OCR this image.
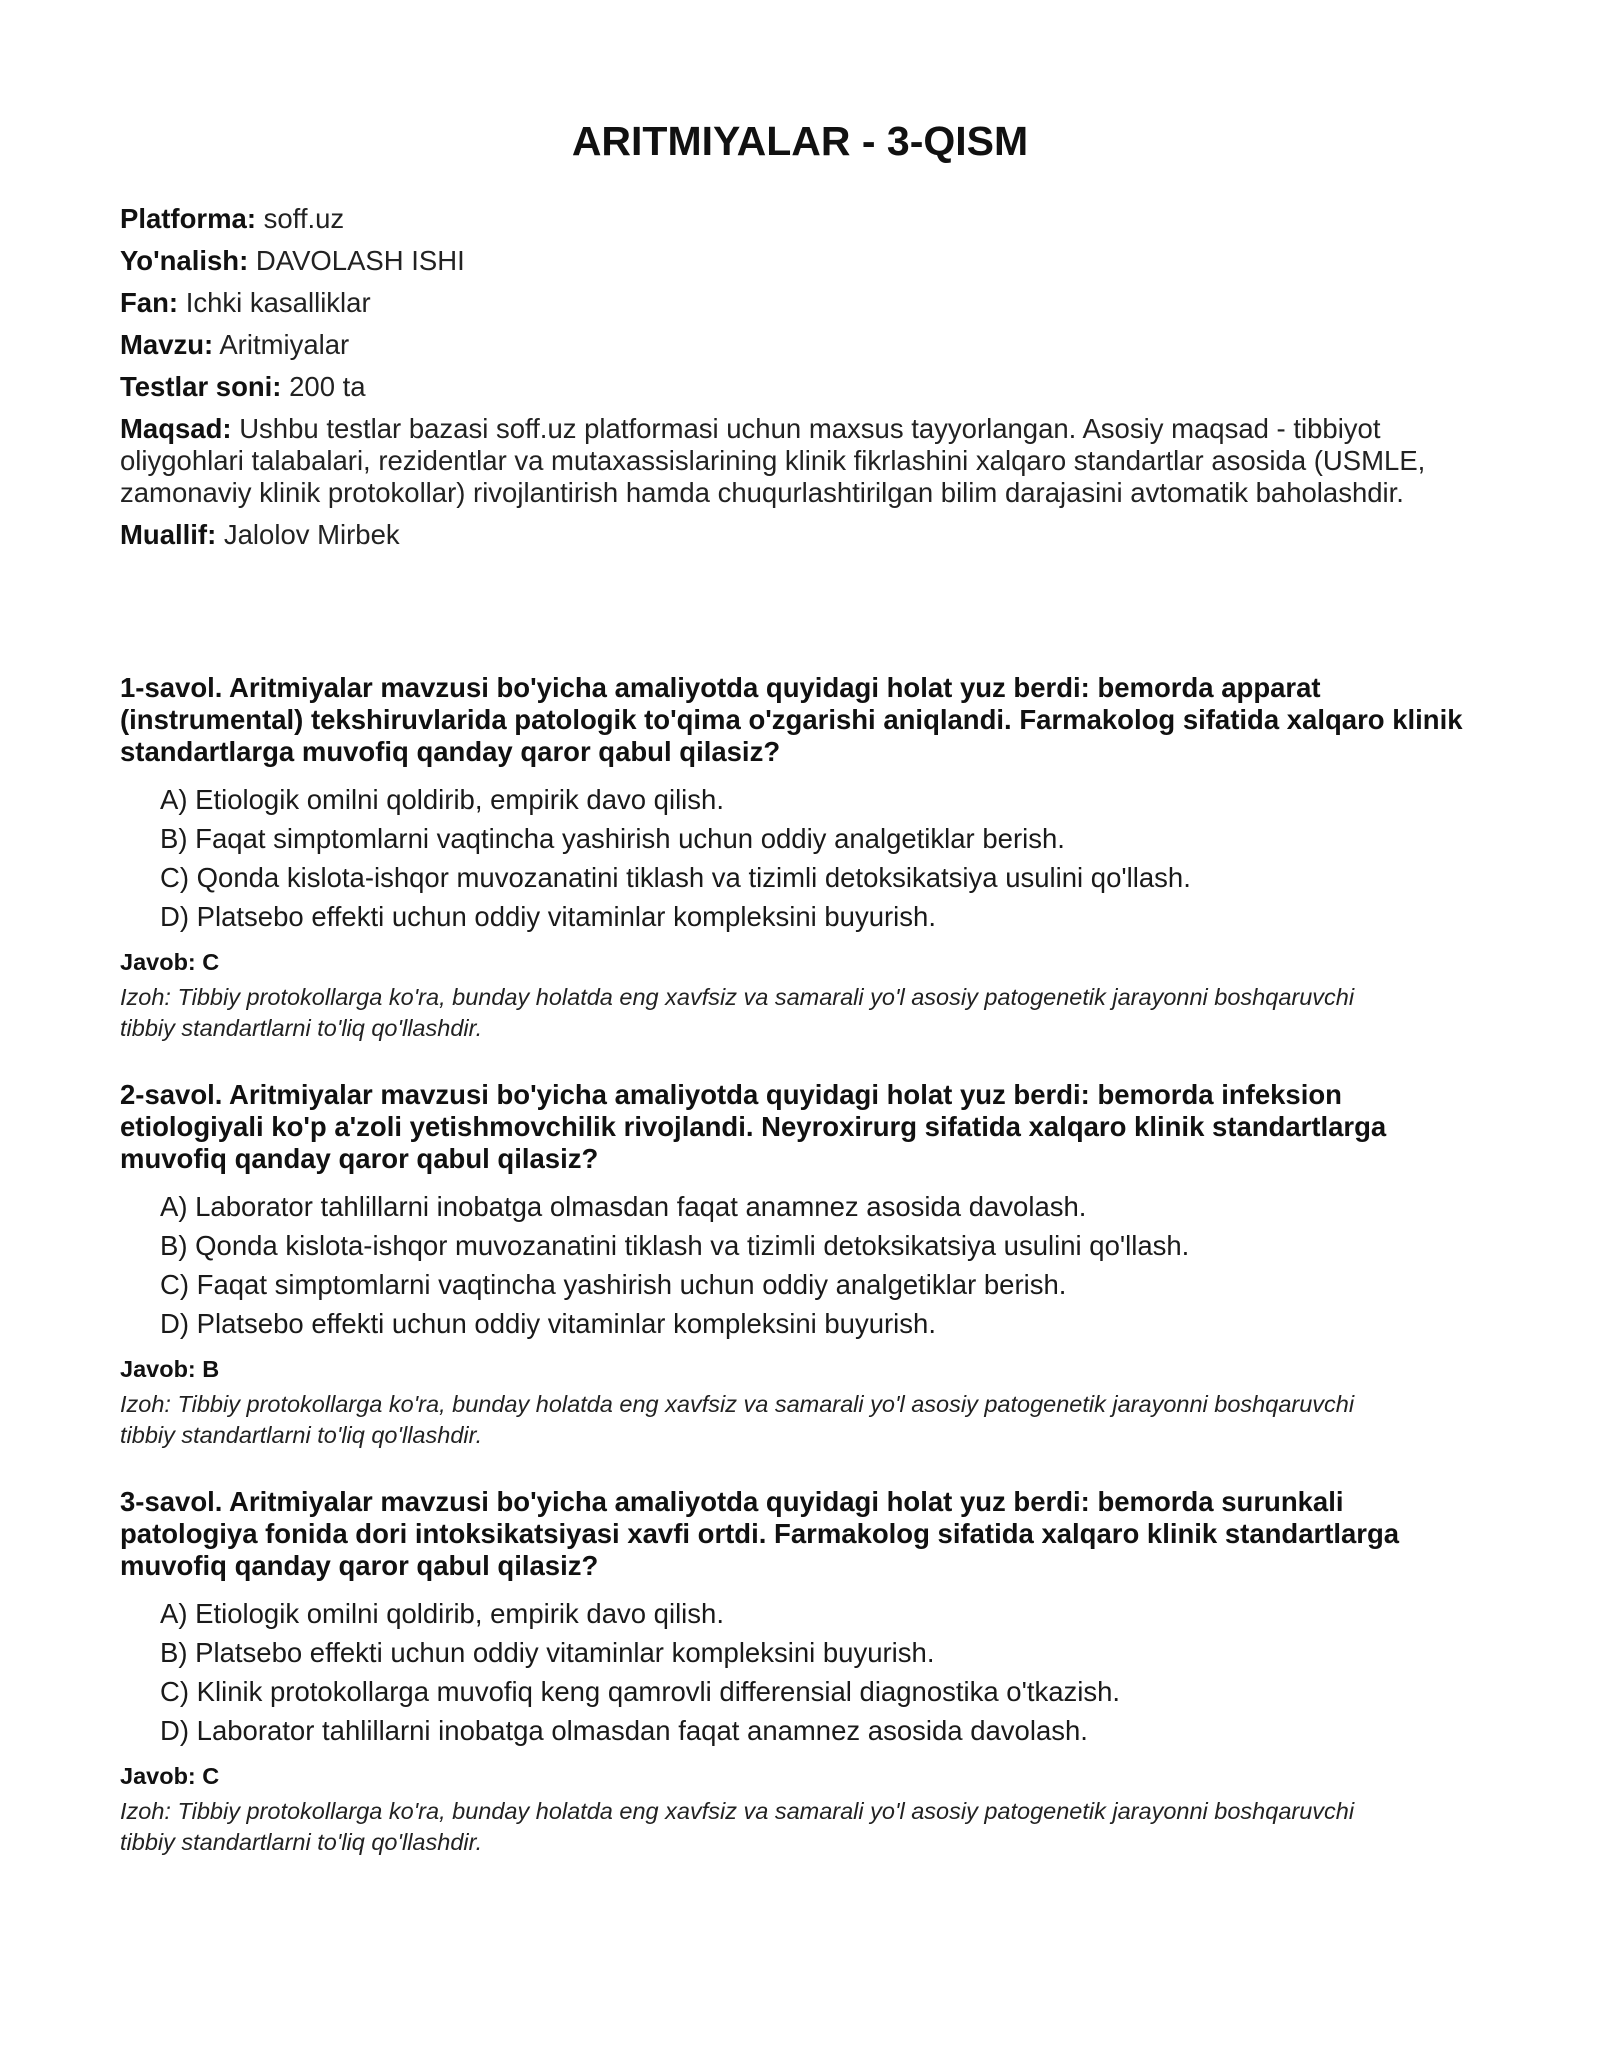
ARITMIYALAR - 3-QISM

Platforma: soff.uz

Yo'nalish: DAVOLASH ISHI

Fan: Ichki kasalliklar

Mavzu: Aritmiyalar

Testlar soni: 200 ta

Maqsad: Ushbu testlar bazasi soff.uz platformasi uchun maxsus tayyorlangan. Asosiy maqsad - tibbiyot oliygohlari talabalari, rezidentlar va mutaxassislarining klinik fikrlashini xalqaro standartlar asosida (USMLE, zamonaviy klinik protokollar) rivojlantirish hamda chuqurlashtirilgan bilim darajasini avtomatik baholashdir.

Muallif: Jalolov Mirbek

1-savol. Aritmiyalar mavzusi bo'yicha amaliyotda quyidagi holat yuz berdi: bemorda apparat (instrumental) tekshiruvlarida patologik to'qima o'zgarishi aniqlandi. Farmakolog sifatida xalqaro klinik standartlarga muvofiq qanday qaror qabul qilasiz?

A) Etiologik omilni qoldirib, empirik davo qilish.
B) Faqat simptomlarni vaqtincha yashirish uchun oddiy analgetiklar berish.
C) Qonda kislota-ishqor muvozanatini tiklash va tizimli detoksikatsiya usulini qo'llash.
D) Platsebo effekti uchun oddiy vitaminlar kompleksini buyurish.
Javob: C
Izoh: Tibbiy protokollarga ko'ra, bunday holatda eng xavfsiz va samarali yo'l asosiy patogenetik jarayonni boshqaruvchi tibbiy standartlarni to'liq qo'llashdir.

2-savol. Aritmiyalar mavzusi bo'yicha amaliyotda quyidagi holat yuz berdi: bemorda infeksion etiologiyali ko'p a'zoli yetishmovchilik rivojlandi. Neyroxirurg sifatida xalqaro klinik standartlarga muvofiq qanday qaror qabul qilasiz?

A) Laborator tahlillarni inobatga olmasdan faqat anamnez asosida davolash.
B) Qonda kislota-ishqor muvozanatini tiklash va tizimli detoksikatsiya usulini qo'llash.
C) Faqat simptomlarni vaqtincha yashirish uchun oddiy analgetiklar berish.
D) Platsebo effekti uchun oddiy vitaminlar kompleksini buyurish.
Javob: B
Izoh: Tibbiy protokollarga ko'ra, bunday holatda eng xavfsiz va samarali yo'l asosiy patogenetik jarayonni boshqaruvchi tibbiy standartlarni to'liq qo'llashdir.

3-savol. Aritmiyalar mavzusi bo'yicha amaliyotda quyidagi holat yuz berdi: bemorda surunkali patologiya fonida dori intoksikatsiyasi xavfi ortdi. Farmakolog sifatida xalqaro klinik standartlarga muvofiq qanday qaror qabul qilasiz?

A) Etiologik omilni qoldirib, empirik davo qilish.
B) Platsebo effekti uchun oddiy vitaminlar kompleksini buyurish.
C) Klinik protokollarga muvofiq keng qamrovli differensial diagnostika o'tkazish.
D) Laborator tahlillarni inobatga olmasdan faqat anamnez asosida davolash.
Javob: C
Izoh: Tibbiy protokollarga ko'ra, bunday holatda eng xavfsiz va samarali yo'l asosiy patogenetik jarayonni boshqaruvchi tibbiy standartlarni to'liq qo'llashdir.
